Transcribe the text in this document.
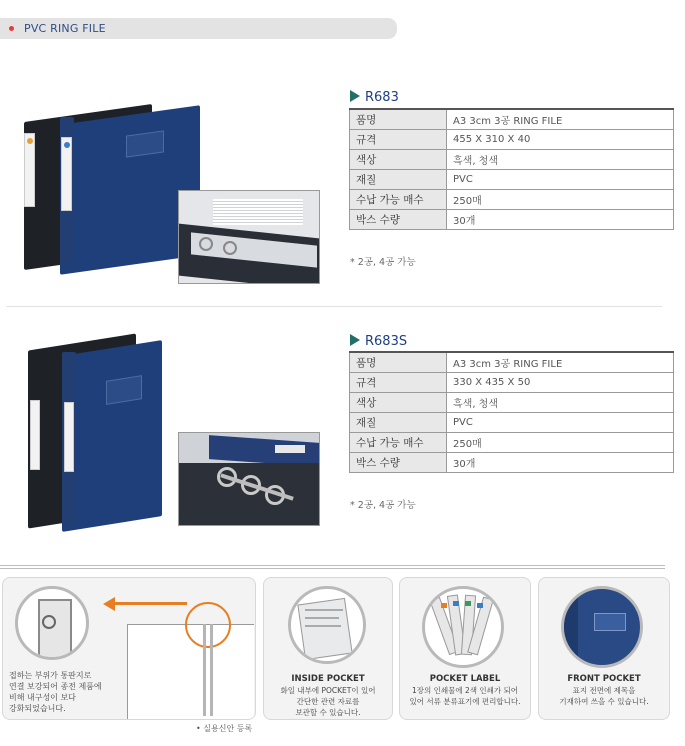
PVC RING FILE
R683
품명	A3 3cm 3공 RING FILE
규격	455 X 310 X 40
색상	흑색, 청색
재질	PVC
수납 가능 매수	250매
박스 수량	30개
* 2공, 4공 가능
R683S
품명	A3 3cm 3공 RING FILE
규격	330 X 435 X 50
색상	흑색, 청색
재질	PVC
수납 가능 매수	250매
박스 수량	30개
* 2공, 4공 가능
접하는 부위가 통판지로
연결 보강되어 종전 제품에
비해 내구성이 보다
강화되었습니다.
• 실용신안 등록
INSIDE POCKET
화일 내부에 POCKET이 있어
간단한 관련 자료를
보관할 수 있습니다.
POCKET LABEL
1장의 인쇄물에 2색 인쇄가 되어
있어 서류 분류표기에 편리합니다.
FRONT POCKET
표지 전면에 제목을
기재하여 쓰을 수 있습니다.
